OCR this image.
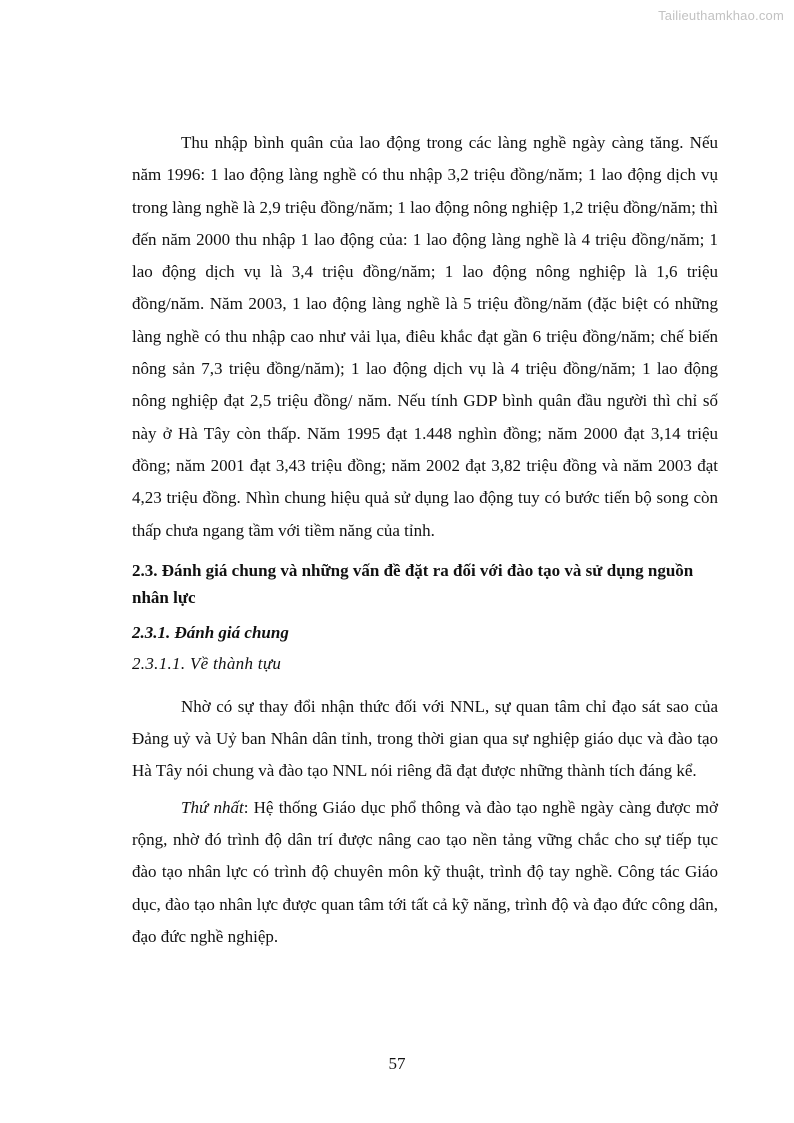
Tailieuthamkhao.com

Thu nhập bình quân của lao động trong các làng nghề ngày càng tăng. Nếu năm 1996: 1 lao động làng nghề có thu nhập 3,2 triệu đồng/năm; 1 lao động dịch vụ trong làng nghề là 2,9 triệu đồng/năm; 1 lao động nông nghiệp 1,2 triệu đồng/năm; thì đến năm 2000 thu nhập 1 lao động của: 1 lao động làng nghề là 4 triệu đồng/năm; 1 lao động dịch vụ là 3,4 triệu đồng/năm; 1 lao động nông nghiệp là 1,6 triệu đồng/năm. Năm 2003, 1 lao động làng nghề là 5 triệu đồng/năm (đặc biệt có những làng nghề có thu nhập cao như vải lụa, điêu khắc đạt gần 6 triệu đồng/năm; chế biến nông sản 7,3 triệu đồng/năm); 1 lao động dịch vụ là 4 triệu đồng/năm; 1 lao động nông nghiệp đạt 2,5 triệu đồng/ năm. Nếu tính GDP bình quân đầu người thì chỉ số này ở Hà Tây còn thấp. Năm 1995 đạt 1.448 nghìn đồng; năm 2000 đạt 3,14 triệu đồng; năm 2001 đạt 3,43 triệu đồng; năm 2002 đạt 3,82 triệu đồng và năm 2003 đạt 4,23 triệu đồng. Nhìn chung hiệu quả sử dụng lao động tuy có bước tiến bộ song còn thấp chưa ngang tầm với tiềm năng của tỉnh.

2.3. Đánh giá chung và những vấn đề đặt ra đối với đào tạo và sử dụng nguồn nhân lực
2.3.1. Đánh giá chung
2.3.1.1. Về thành tựu

Nhờ có sự thay đổi nhận thức đối với NNL, sự quan tâm chỉ đạo sát sao của Đảng uỷ và Uỷ ban Nhân dân tỉnh, trong thời gian qua sự nghiệp giáo dục và đào tạo Hà Tây nói chung và đào tạo NNL nói riêng đã đạt được những thành tích đáng kể.

Thứ nhất: Hệ thống Giáo dục phổ thông và đào tạo nghề ngày càng được mở rộng, nhờ đó trình độ dân trí được nâng cao tạo nền tảng vững chắc cho sự tiếp tục đào tạo nhân lực có trình độ chuyên môn kỹ thuật, trình độ tay nghề. Công tác Giáo dục, đào tạo nhân lực được quan tâm tới tất cả kỹ năng, trình độ và đạo đức công dân, đạo đức nghề nghiệp.

57
